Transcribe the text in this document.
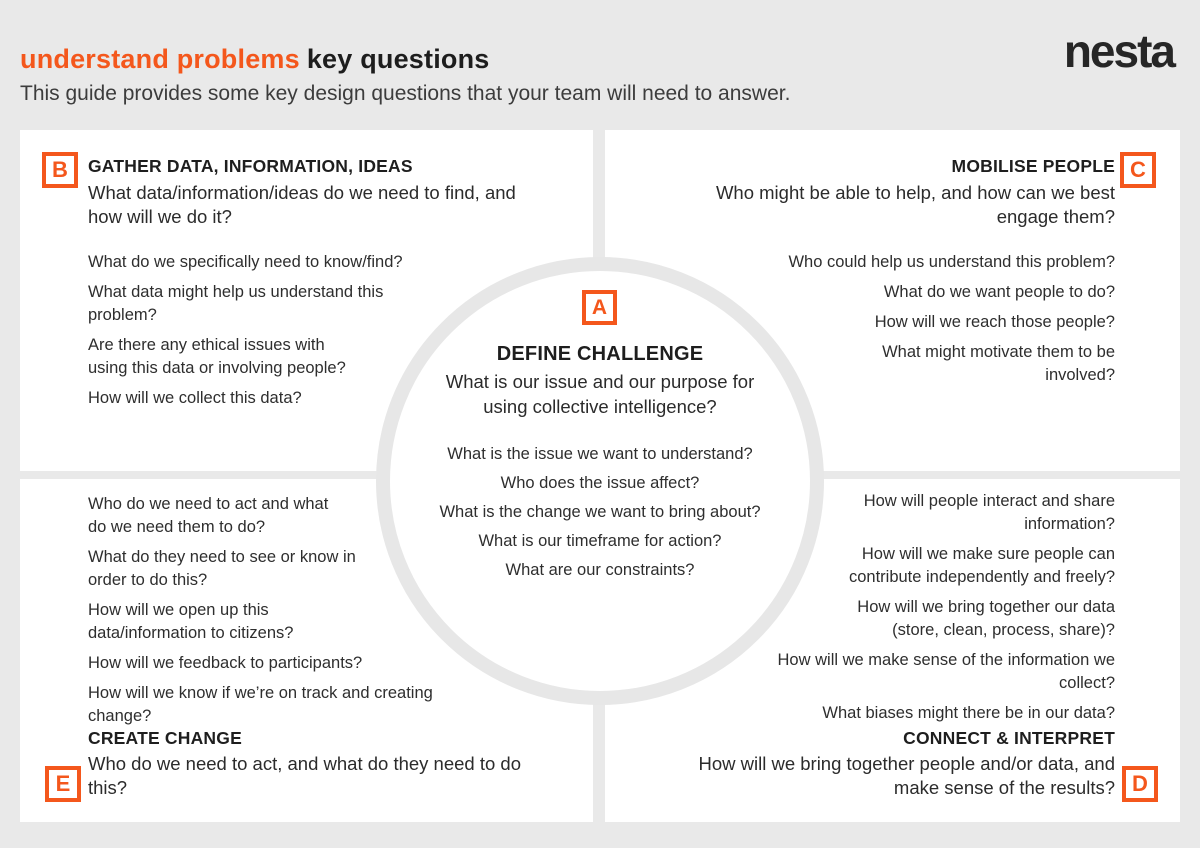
understand problems key questions
This guide provides some key design questions that your team will need to answer.
nesta
B	GATHER DATA, INFORMATION, IDEAS
What data/information/ideas do we need to find, and how will we do it?
What do we specifically need to know/find?
What data might help us understand this problem?
Are there any ethical issues with using this data or involving people?
How will we collect this data?
C
MOBILISE PEOPLE
Who might be able to help, and how can we best engage them?
Who could help us understand this problem?
What do we want people to do?
How will we reach those people?
What might motivate them to be involved?
A
DEFINE CHALLENGE
What is our issue and our purpose for using collective intelligence?
What is the issue we want to understand?
Who does the issue affect?
What is the change we want to bring about?
What is our timeframe for action?
What are our constraints?
Who do we need to act and what do we need them to do?
What do they need to see or know in order to do this?
How will we open up this data/information to citizens?
How will we feedback to participants?
How will we know if we’re on track and creating change?
CREATE CHANGE
Who do we need to act, and what do they need to do this?
E
How will people interact and share information?
How will we make sure people can contribute independently and freely?
How will we bring together our data (store, clean, process, share)?
How will we make sense of the information we collect?
What biases might there be in our data?
CONNECT & INTERPRET
How will we bring together people and/or data, and make sense of the results? D
